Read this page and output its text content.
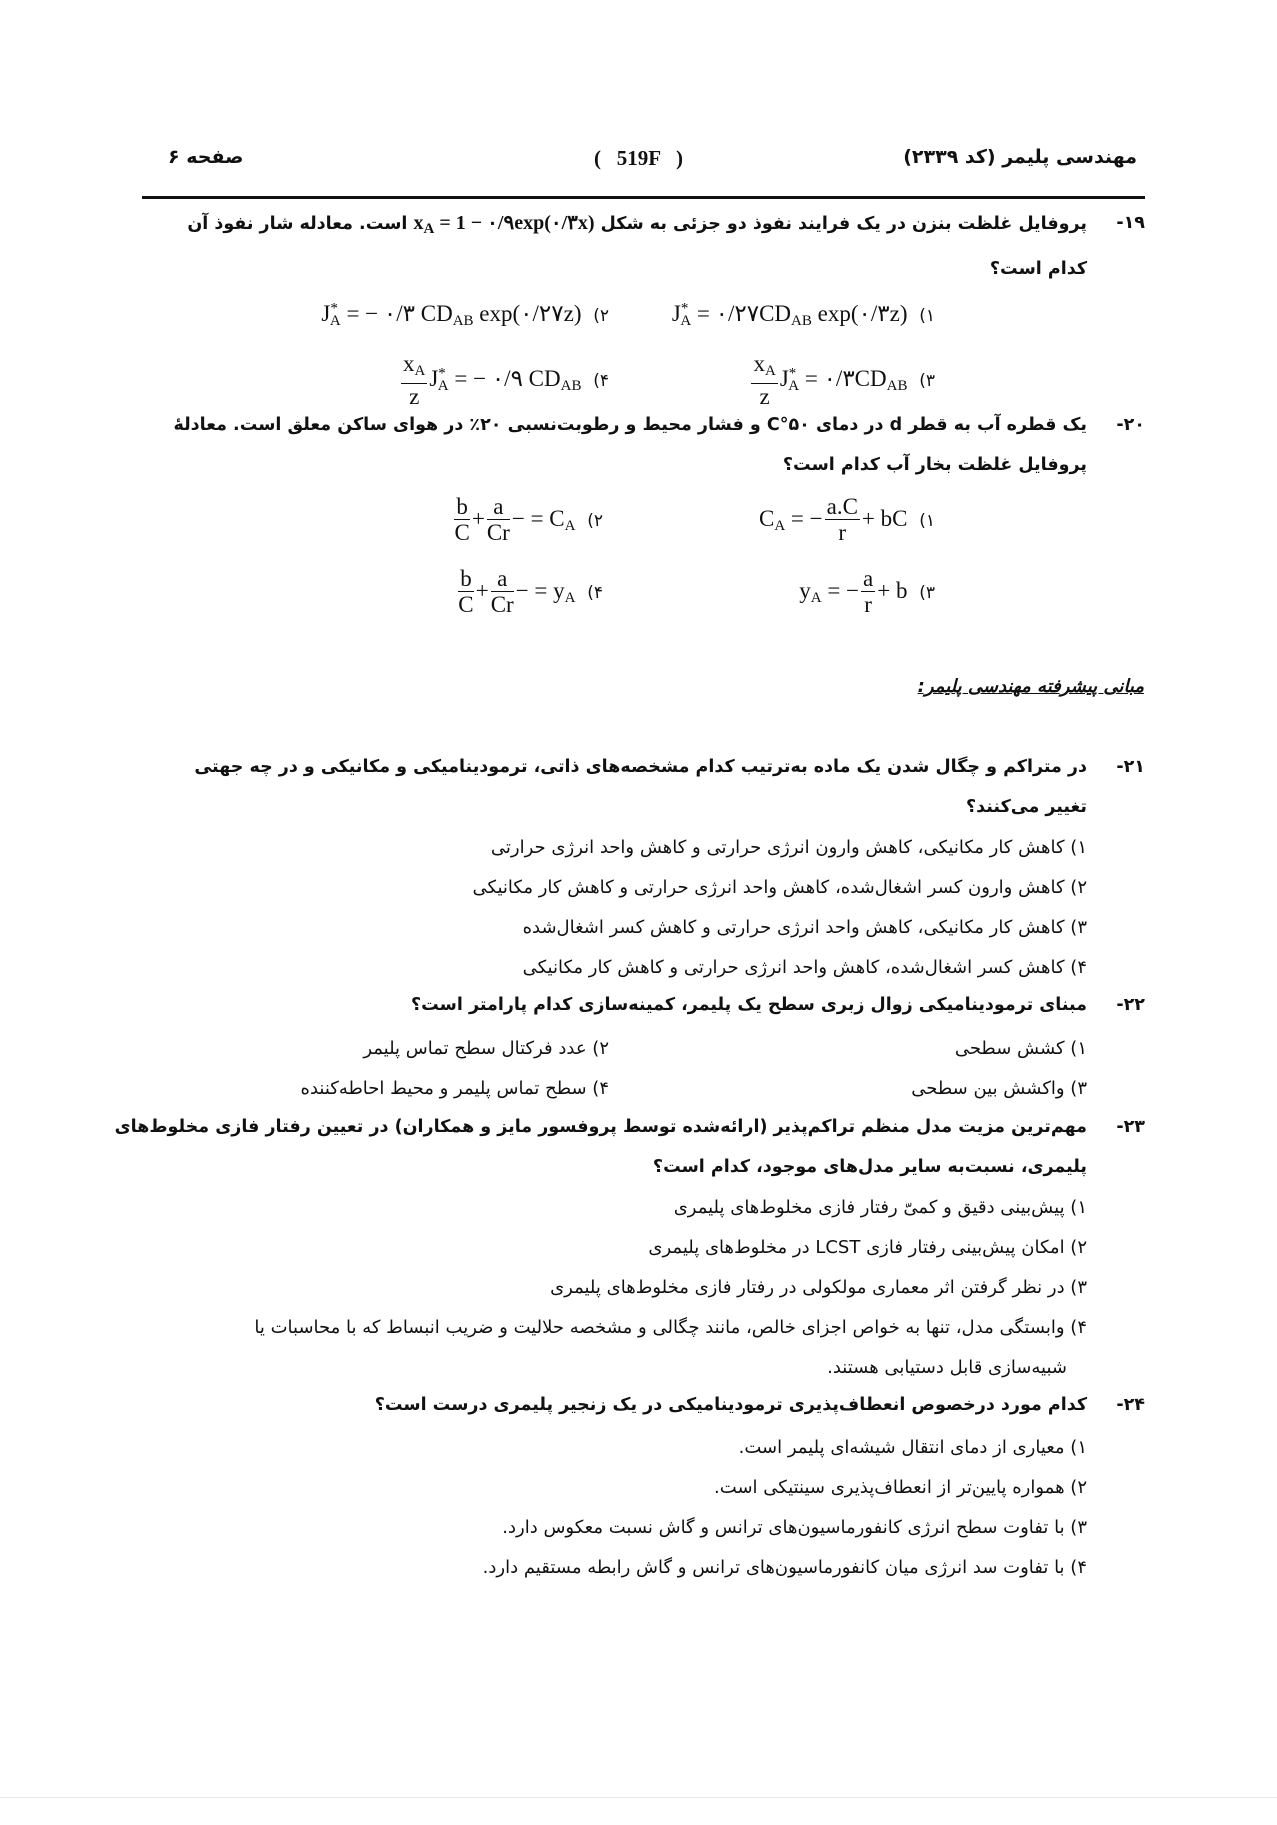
مهندسی پلیمر (کد ۲۳۳۹)
(   519F   )
صفحه ۶
۱۹-
پروفایل غلظت بنزن در یک فرایند نفوذ دو جزئی به شکل $x_A = 1$ − ۰/۹exp(۰/۳x) است. معادله شار نفوذ آن
کدام است؟
۱) $J^*_A$ = $۰/۲۷CD_{AB}$ exp(۰/۳z)
۲) $J^*_A$ = − ۰/۳ $CD_{AB}$ exp(۰/۲۷z)
۳) $J^*_A$ = $۰/۳CD_{AB}$
$\frac{x_A}{z}$
۴) $J^*_A$ = − ۰/۹ $CD_{AB}$
$\frac{x_A}{z}$
۲۰-
یک قطره آب به قطر d در دمای ۵۰°C و فشار محیط و رطوبت‌نسبی ۲۰٪ در هوای ساکن معلق است. معادلهٔ
پروفایل غلظت بخار آب کدام است؟
۱) $C_A$ = − $\frac{a.C}{r}$ + bC
۲) $C_A$ = −
$\frac{a}{Cr}$
+
$\frac{b}{C}$
۳) $y_A$ = − $\frac{a}{r} + b$
۴) $y_A$ = −
$\frac{a}{Cr}$
+
$\frac{b}{C}$
مبانی پیشرفته مهندسی پلیمر:
۲۱-
در متراکم و چگال شدن یک ماده به‌ترتیب کدام مشخصه‌های ذاتی، ترمودینامیکی و مکانیکی و در چه جهتی
تغییر می‌کنند؟
۱) کاهش کار مکانیکی، کاهش وارون انرژی حرارتی و کاهش واحد انرژی حرارتی
۲) کاهش وارون کسر اشغال‌شده، کاهش واحد انرژی حرارتی و کاهش کار مکانیکی
۳) کاهش کار مکانیکی، کاهش واحد انرژی حرارتی و کاهش کسر اشغال‌شده
۴) کاهش کسر اشغال‌شده، کاهش واحد انرژی حرارتی و کاهش کار مکانیکی
۲۲-
مبنای ترمودینامیکی زوال زبری سطح یک پلیمر، کمینه‌سازی کدام پارامتر است؟
۱) کشش سطحی
۲) عدد فرکتال سطح تماس پلیمر
۳) واکشش بین سطحی
۴) سطح تماس پلیمر و محیط احاطه‌کننده
۲۳-
مهم‌ترین مزیت مدل منظم تراکم‌پذیر (ارائه‌شده توسط پروفسور مایز و همکاران) در تعیین رفتار فازی مخلوط‌های
پلیمری، نسبت‌به سایر مدل‌های موجود، کدام است؟
۱) پیش‌بینی دقیق و کمیّ رفتار فازی مخلوط‌های پلیمری
۲) امکان پیش‌بینی رفتار فازی LCST در مخلوط‌های پلیمری
۳) در نظر گرفتن اثر معماری مولکولی در رفتار فازی مخلوط‌های پلیمری
۴) وابستگی مدل، تنها به خواص اجزای خالص، مانند چگالی و مشخصه حلالیت و ضریب انبساط که با محاسبات یا
شبیه‌سازی قابل دستیابی هستند.
۲۴-
کدام مورد درخصوص انعطاف‌پذیری ترمودینامیکی در یک زنجیر پلیمری درست است؟
۱) معیاری از دمای انتقال شیشه‌ای پلیمر است.
۲) همواره پایین‌تر از انعطاف‌پذیری سینتیکی است.
۳) با تفاوت سطح انرژی کانفورماسیون‌های ترانس و گاش نسبت معکوس دارد.
۴) با تفاوت سد انرژی میان کانفورماسیون‌های ترانس و گاش رابطه مستقیم دارد.
